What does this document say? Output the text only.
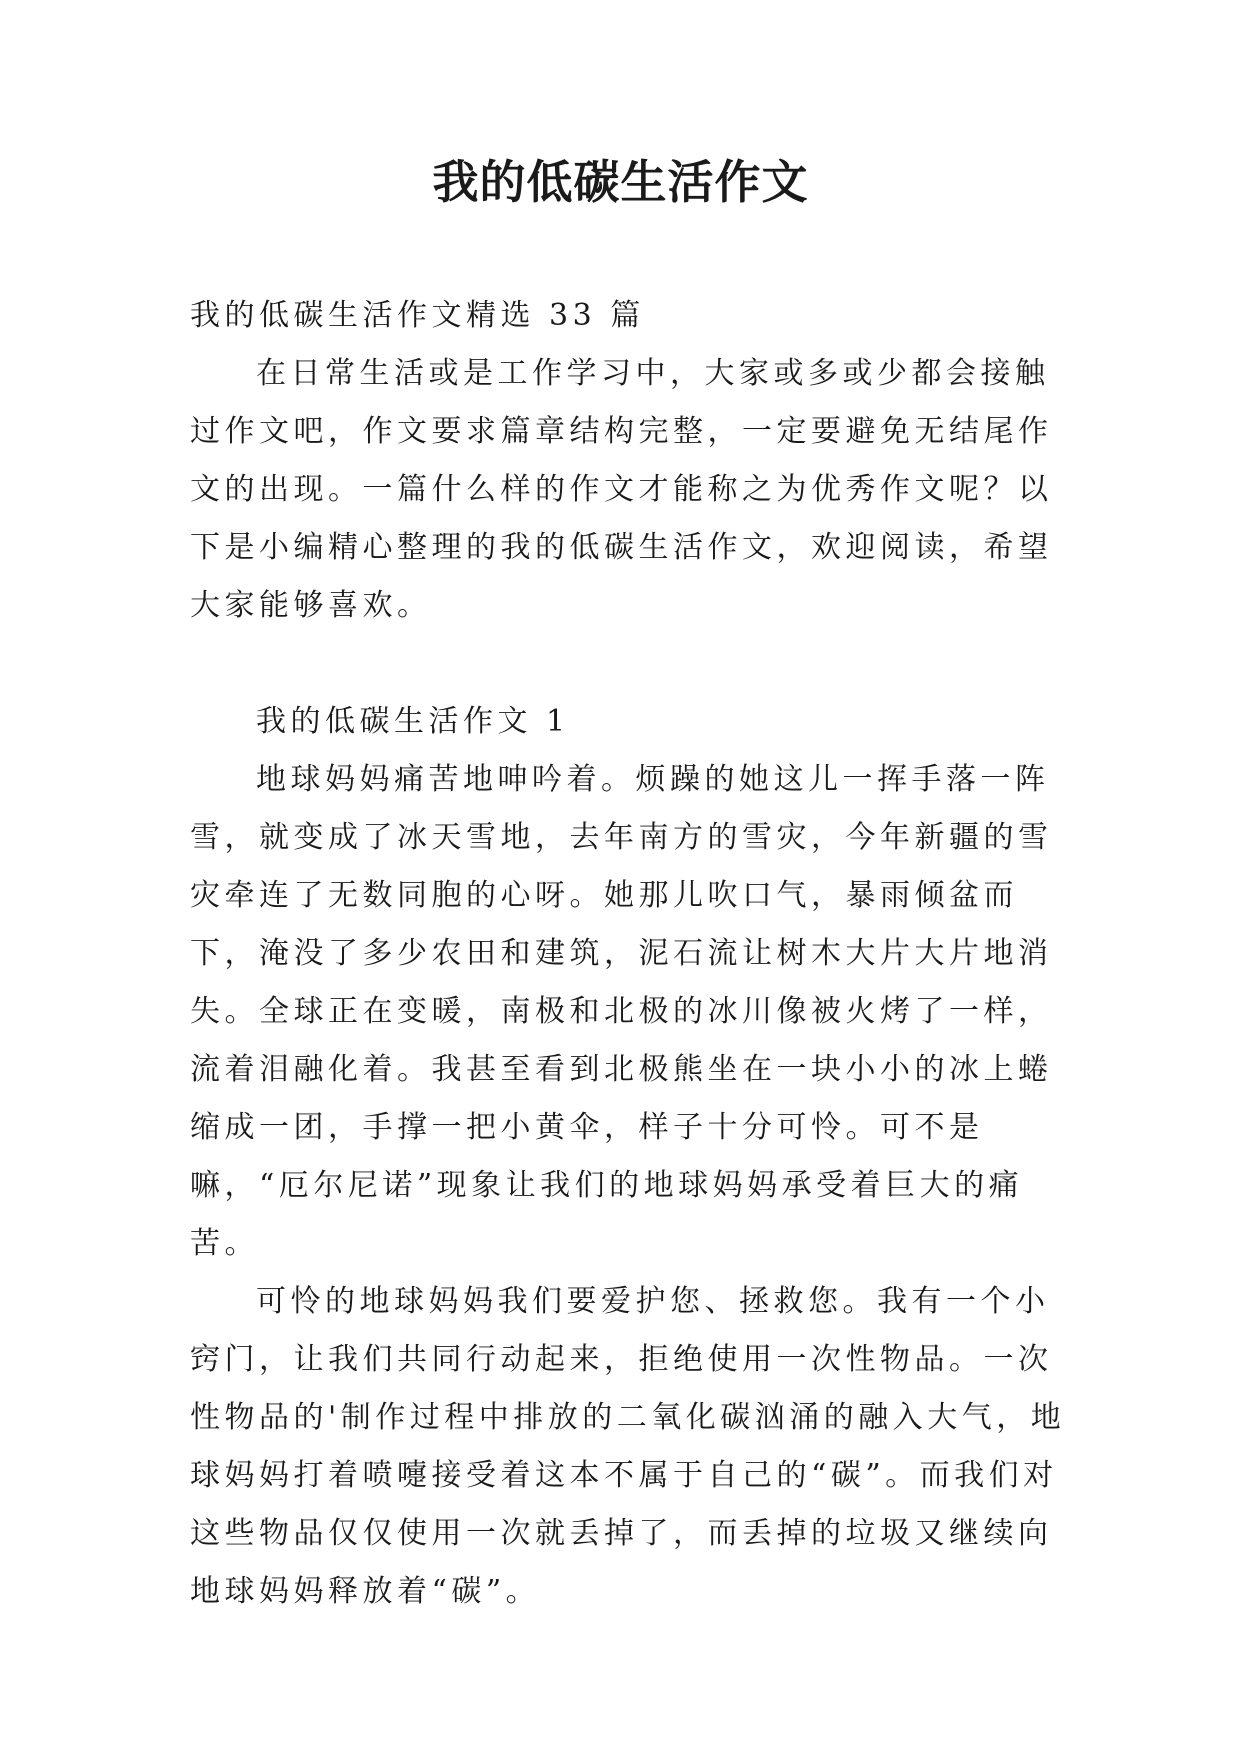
我的低碳生活作文

我的低碳生活作文精选 33 篇

在日常生活或是工作学习中，大家或多或少都会接触过作文吧，作文要求篇章结构完整，一定要避免无结尾作文的出现。一篇什么样的作文才能称之为优秀作文呢？以下是小编精心整理的我的低碳生活作文，欢迎阅读，希望大家能够喜欢。

我的低碳生活作文 1

地球妈妈痛苦地呻吟着。烦躁的她这儿一挥手落一阵雪，就变成了冰天雪地，去年南方的雪灾，今年新疆的雪灾牵连了无数同胞的心呀。她那儿吹口气，暴雨倾盆而下，淹没了多少农田和建筑，泥石流让树木大片大片地消失。全球正在变暖，南极和北极的冰川像被火烤了一样，流着泪融化着。我甚至看到北极熊坐在一块小小的冰上蜷缩成一团，手撑一把小黄伞，样子十分可怜。可不是嘛，“厄尔尼诺”现象让我们的地球妈妈承受着巨大的痛苦。

可怜的地球妈妈我们要爱护您、拯救您。我有一个小窍门，让我们共同行动起来，拒绝使用一次性物品。一次性物品的'制作过程中排放的二氧化碳汹涌的融入大气，地球妈妈打着喷嚏接受着这本不属于自己的“碳”。而我们对这些物品仅仅使用一次就丢掉了，而丢掉的垃圾又继续向地球妈妈释放着“碳”。
